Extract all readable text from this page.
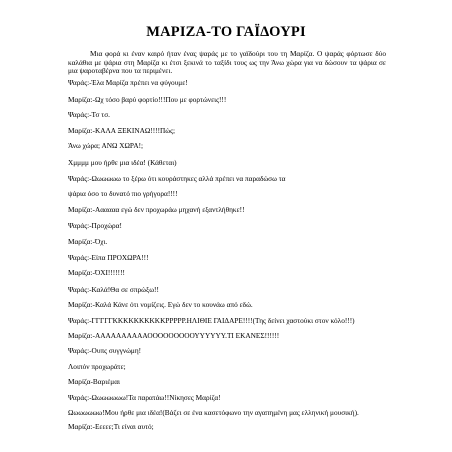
ΜΑΡΙΖΑ-ΤΟ ΓΑΪΔΟΥΡΙ

Μια φορά κι έναν καιρό ήταν ένας ψαράς με το γαϊδούρι του τη Μαρίζα. Ο ψαράς φόρτωσε δύο καλάθια με ψάρια στη Μαρίζα κι έτσι ξεκινά το ταξίδι τους ως την Άνω χώρα για να δώσουν τα ψάρια σε μια ψαροταβέρνα που τα περιμένει.

Ψαράς:-Έλα Μαρίζα πρέπει να φύγουμε!
Μαρίζα:-Ωχ τόσο βαρύ φορτίο!!!Που με φορτώνεις!!!
Ψαράς:-Τσ τσ.
Μαρίζα:-ΚΑΛΑ ΞΕΚΙΝΑΩ!!!!Πώς;
Άνω χώρα; ΑΝΩ ΧΩΡΑ!;
Χμμμμ μου ήρθε μια ιδέα! (Κάθεται)
Ψαράς:-Ωωωωωω το ξέρω ότι κουράστηκες αλλά πρέπει να παραδώσω τα
ψάρια όσο το δυνατό πιο γρήγορα!!!!
Μαρίζα:-Αααααα εγώ δεν προχωράω μηχανή εξαντλήθηκε!!
Ψαράς:-Προχώρα!
Μαρίζα:-Όχι.
Ψαράς:-Είπα ΠΡΟΧΩΡΑ!!!
Μαρίζα:-ΌΧΙ!!!!!!!
Ψαράς:-Καλά!Θα σε σπρώξω!!
Μαρίζα:-Καλά Κάνε ότι νομίζεις. Εγώ δεν το κουνάω από εδώ.
Ψαράς:-ΓΓΓΓΓΚΚΚΚΚΚΚΚΚΚΡΡΡΡΡ.ΗΛΙΘΙΕ ΓΑΙΔΑΡΕ!!!!(Της δείνει χαστούκι στον κόλο!!!)
Μαρίζα:-ΑΑΑΑΑΑΑΑΑΑΟΟΟΟΟΟΟΟΟΥΥΥΥΥΥ.ΤΙ ΕΚΑΝΕΣ!!!!!!
Ψαράς:-Ουπς συγγνώμη!
Λοιπόν προχωράτε;
Μαρίζα-Βαριέμαι
Ψαράς:-Ωωωωωωω!Τα παρατάω!!Νίκησες Μαρίζα!
Ωωωωωωω!Μου ήρθε μια ιδέα!(Βάζει σε ένα κασετόφωνο την αγαπημένη μας ελληνική μουσική).
Μαρίζα:-Εεεεε;Τι είναι αυτό;
